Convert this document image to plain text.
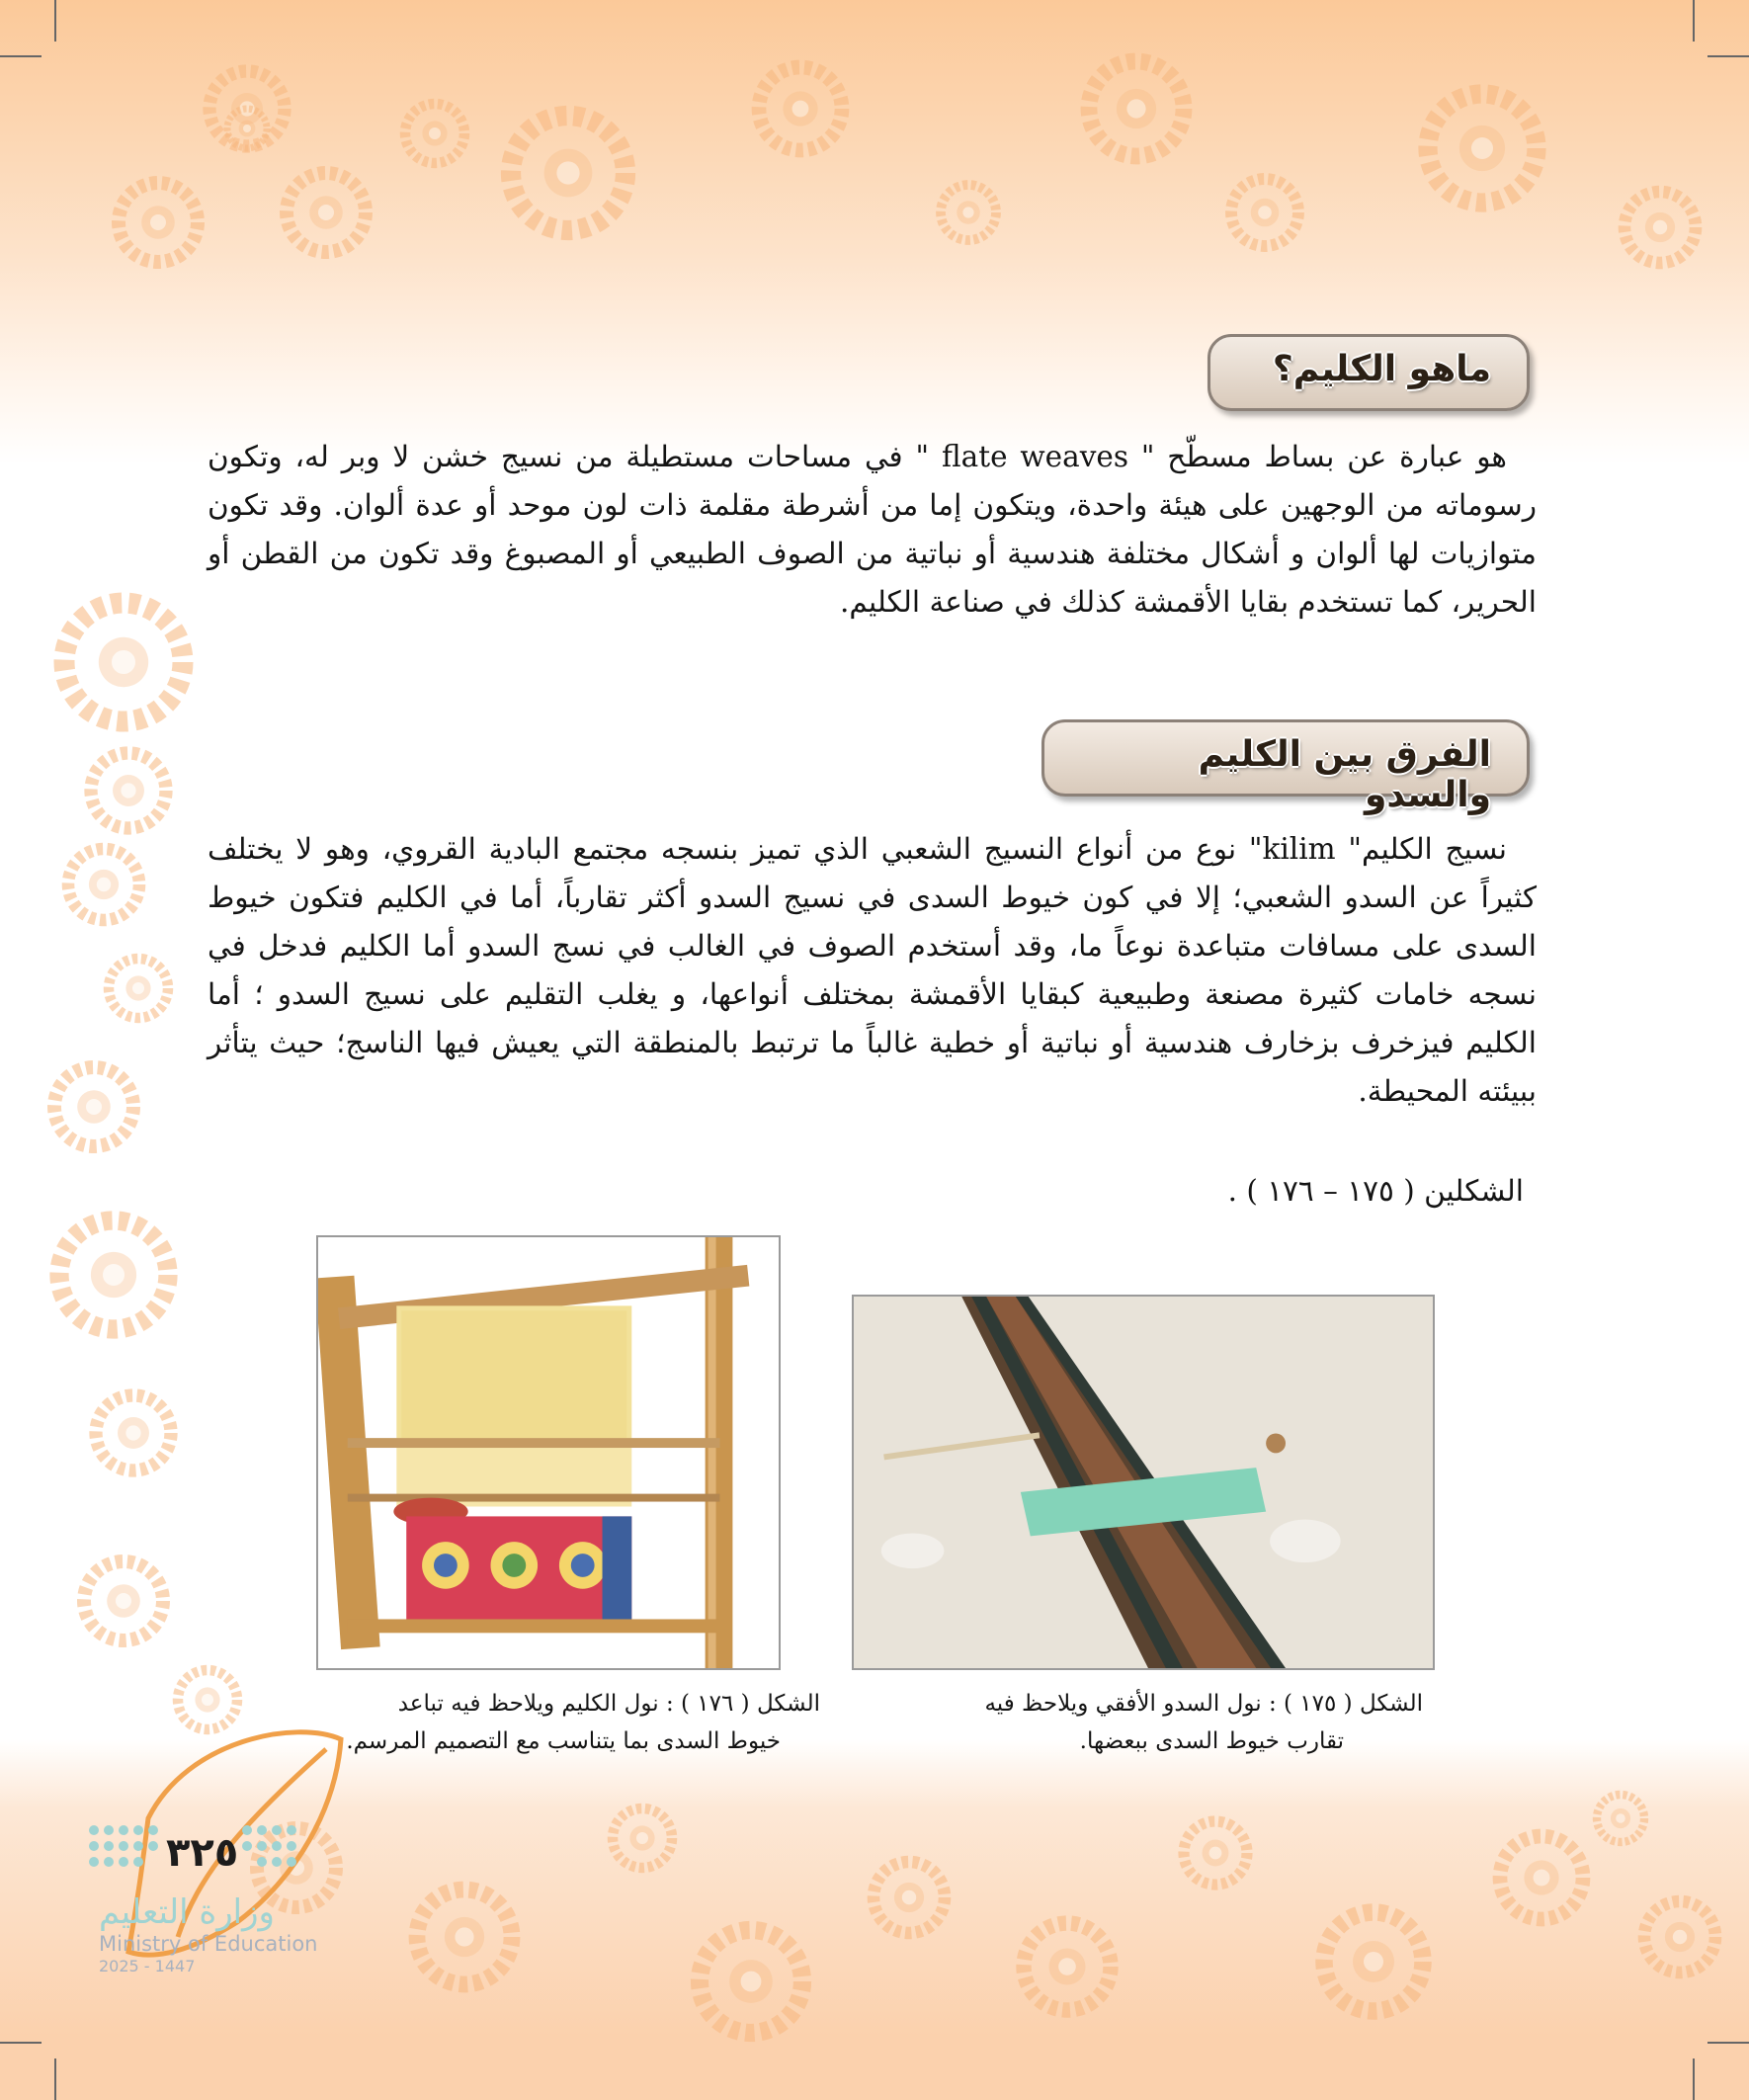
ماهو الكليم؟

هو عبارة عن بساط مسطّح " flate weaves " في مساحات مستطيلة من نسيج خشن لا وبر له، وتكون رسوماته من الوجهين على هيئة واحدة، ويتكون إما من أشرطة مقلمة ذات لون موحد أو عدة ألوان. وقد تكون متوازيات لها ألوان و أشكال مختلفة هندسية أو نباتية من الصوف الطبيعي أو المصبوغ وقد تكون من القطن أو الحرير، كما تستخدم بقايا الأقمشة كذلك في صناعة الكليم.

الفرق بين الكليم والسدو

نسيج الكليم" kilim" نوع من أنواع النسيج الشعبي الذي تميز بنسجه مجتمع البادية القروي، وهو لا يختلف كثيراً عن السدو الشعبي؛ إلا في كون خيوط السدى في نسيج السدو أكثر تقارباً، أما في الكليم فتكون خيوط السدى على مسافات متباعدة نوعاً ما، وقد أستخدم الصوف في الغالب في نسج السدو أما الكليم فدخل في نسجه خامات كثيرة مصنعة وطبيعية كبقايا الأقمشة بمختلف أنواعها، و يغلب التقليم على نسيج السدو ؛ أما الكليم فيزخرف بزخارف هندسية أو نباتية أو خطية غالباً ما ترتبط بالمنطقة التي يعيش فيها الناسج؛ حيث يتأثر ببيئته المحيطة.

الشكلين ( ١٧٥ – ١٧٦ ) .
الشكل ( ١٧٦ ) : نول الكليم ويلاحظ فيه تباعد
خيوط السدى بما يتناسب مع التصميم المرسم.
الشكل ( ١٧٥ ) : نول السدو الأفقي ويلاحظ فيه
تقارب خيوط السدى ببعضها.
٣٢٥
وزارة التعليم
Ministry of Education
2025 - 1447
